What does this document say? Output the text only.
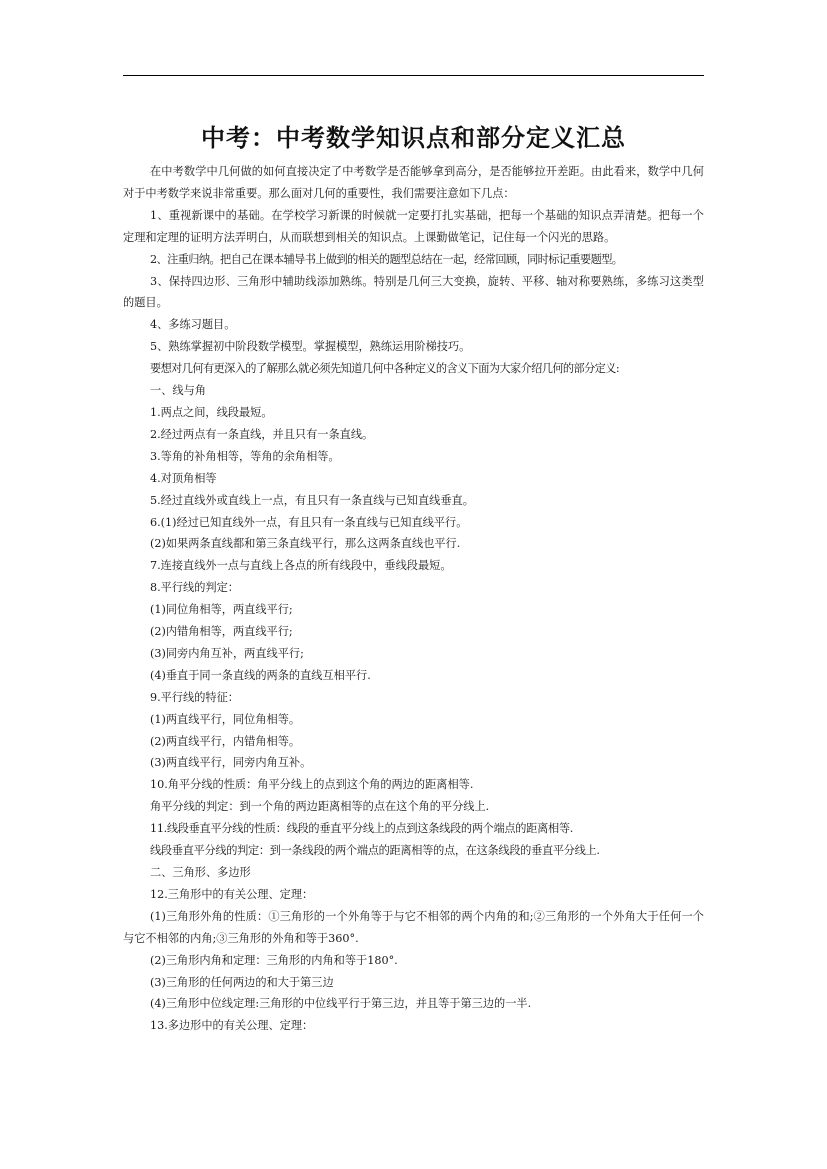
中考：中考数学知识点和部分定义汇总

在中考数学中几何做的如何直接决定了中考数学是否能够拿到高分，是否能够拉开差距。由此看来，数学中几何对于中考数学来说非常重要。那么面对几何的重要性，我们需要注意如下几点：

1、重视新课中的基础。在学校学习新课的时候就一定要打扎实基础，把每一个基础的知识点弄清楚。把每一个定理和定理的证明方法弄明白，从而联想到相关的知识点。上课勤做笔记，记住每一个闪光的思路。

2、注重归纳。把自己在课本辅导书上做到的相关的题型总结在一起，经常回顾，同时标记重要题型。

3、保持四边形、三角形中辅助线添加熟练。特别是几何三大变换，旋转、平移、轴对称要熟练，多练习这类型的题目。

4、多练习题目。

5、熟练掌握初中阶段数学模型。掌握模型，熟练运用阶梯技巧。

要想对几何有更深入的了解那么就必须先知道几何中各种定义的含义下面为大家介绍几何的部分定义:

一、线与角

1.两点之间，线段最短。

2.经过两点有一条直线，并且只有一条直线。

3.等角的补角相等，等角的余角相等。

4.对顶角相等

5.经过直线外或直线上一点，有且只有一条直线与已知直线垂直。

6.(1)经过已知直线外一点，有且只有一条直线与已知直线平行。

(2)如果两条直线都和第三条直线平行，那么这两条直线也平行.

7.连接直线外一点与直线上各点的所有线段中，垂线段最短。

8.平行线的判定：

(1)同位角相等，两直线平行;

(2)内错角相等，两直线平行;

(3)同旁内角互补，两直线平行;

(4)垂直于同一条直线的两条的直线互相平行.

9.平行线的特征：

(1)两直线平行，同位角相等。

(2)两直线平行，内错角相等。

(3)两直线平行，同旁内角互补。

10.角平分线的性质：角平分线上的点到这个角的两边的距离相等.

角平分线的判定：到一个角的两边距离相等的点在这个角的平分线上.

11.线段垂直平分线的性质：线段的垂直平分线上的点到这条线段的两个端点的距离相等.

线段垂直平分线的判定：到一条线段的两个端点的距离相等的点，在这条线段的垂直平分线上.

二、三角形、多边形

12.三角形中的有关公理、定理：

(1)三角形外角的性质：①三角形的一个外角等于与它不相邻的两个内角的和;②三角形的一个外角大于任何一个与它不相邻的内角;③三角形的外角和等于360°.

(2)三角形内角和定理：三角形的内角和等于180°.

(3)三角形的任何两边的和大于第三边

(4)三角形中位线定理:三角形的中位线平行于第三边，并且等于第三边的一半.

13.多边形中的有关公理、定理：
